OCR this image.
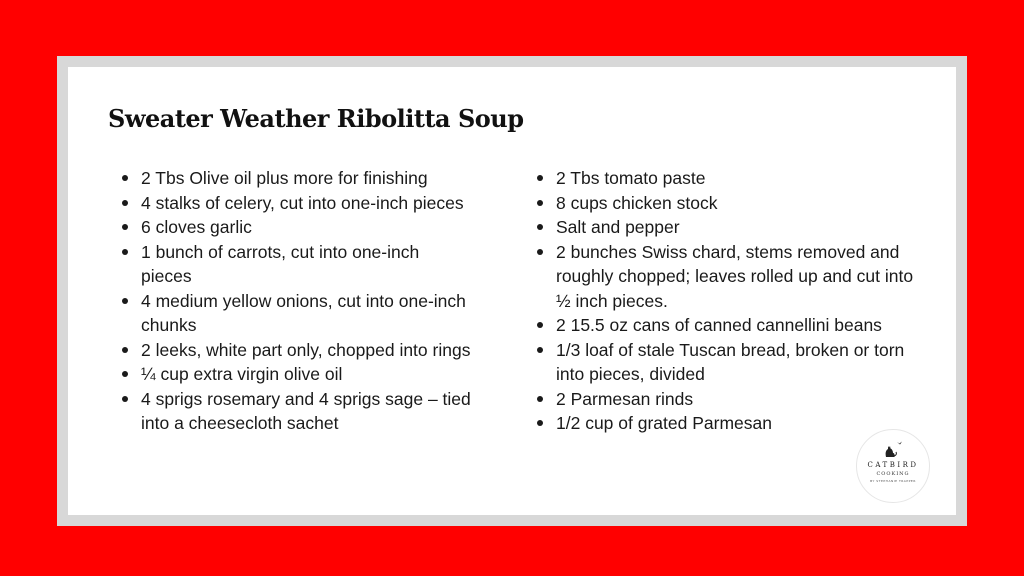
Sweater Weather Ribolitta Soup
2 Tbs Olive oil plus more for finishing
4 stalks of celery, cut into one-inch pieces
6 cloves garlic
1 bunch of carrots, cut into one-inch pieces
4 medium yellow onions, cut into one-inch chunks
2 leeks, white part only, chopped into rings
¼ cup extra virgin olive oil
4 sprigs rosemary and 4 sprigs sage – tied into a cheesecloth sachet
2 Tbs tomato paste
8 cups chicken stock
Salt and pepper
2 bunches Swiss chard, stems removed and roughly chopped; leaves rolled up and cut into ½ inch pieces.
2 15.5 oz cans of canned cannellini beans
1/3 loaf of stale Tuscan bread, broken or torn into pieces, divided
2 Parmesan rinds
1/2 cup of grated Parmesan
CATBIRD
COOKING
BY STEPHANIE TRAPPER
